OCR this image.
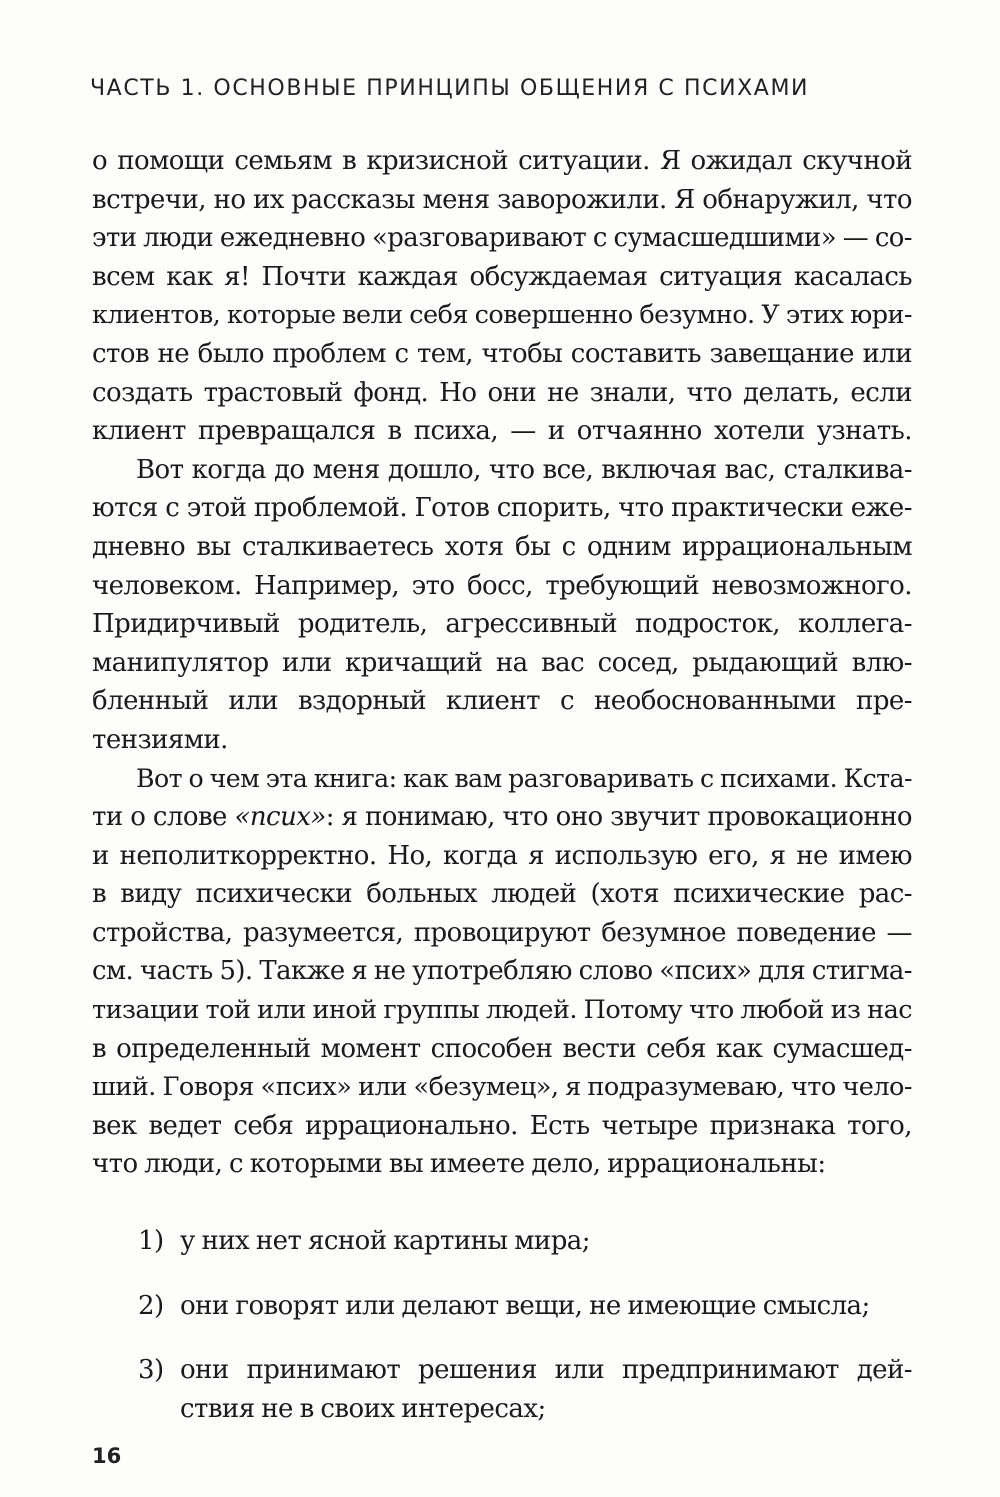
ЧАСТЬ 1. ОСНОВНЫЕ ПРИНЦИПЫ ОБЩЕНИЯ С ПСИХАМИ
о помощи семьям в кризисной ситуации. Я ожидал скучной
встречи, но их рассказы меня заворожили. Я обнаружил, что
эти люди ежедневно «разговаривают с сумасшедшими» — со-
всем как я! Почти каждая обсуждаемая ситуация касалась
клиентов, которые вели себя совершенно безумно. У этих юри-
стов не было проблем с тем, чтобы составить завещание или
создать трастовый фонд. Но они не знали, что делать, если
клиент превращался в психа, — и отчаянно хотели узнать.
Вот когда до меня дошло, что все, включая вас, сталкива-
ются с этой проблемой. Готов спорить, что практически еже-
дневно вы сталкиваетесь хотя бы с одним иррациональным
человеком. Например, это босс, требующий невозможного.
Придирчивый родитель, агрессивный подросток, коллега-
манипулятор или кричащий на вас сосед, рыдающий влю-
бленный или вздорный клиент с необоснованными пре-
тензиями.
Вот о чем эта книга: как вам разговаривать с психами. Кста-
ти о слове «псих»: я понимаю, что оно звучит провокационно
и неполиткорректно. Но, когда я использую его, я не имею
в виду психически больных людей (хотя психические рас-
стройства, разумеется, провоцируют безумное поведение —
см. часть 5). Также я не употребляю слово «псих» для стигма-
тизации той или иной группы людей. Потому что любой из нас
в определенный момент способен вести себя как сумасшед-
ший. Говоря «псих» или «безумец», я подразумеваю, что чело-
век ведет себя иррационально. Есть четыре признака того,
что люди, с которыми вы имеете дело, иррациональны:
1) у них нет ясной картины мира;
2) они говорят или делают вещи, не имеющие смысла;
3) они принимают решения или предпринимают дей-
ствия не в своих интересах;
16
